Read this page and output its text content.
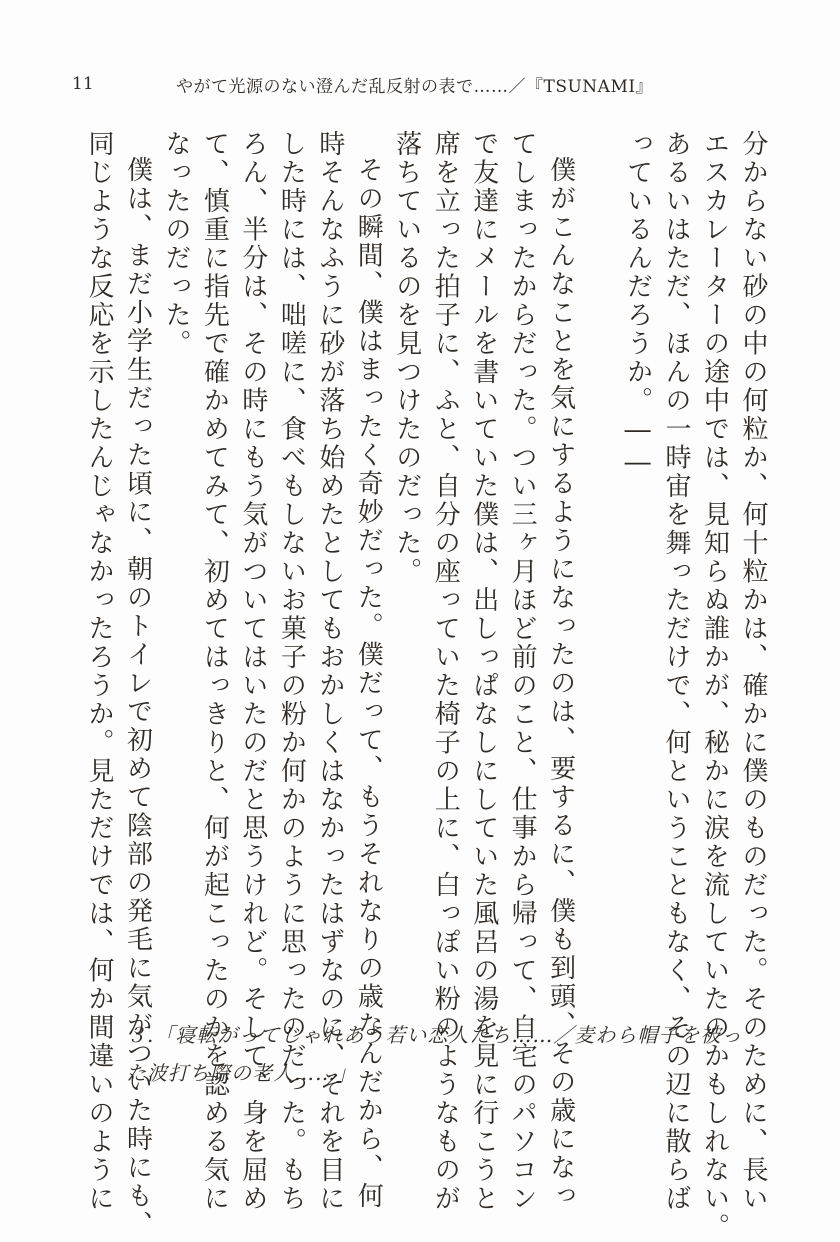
11	やがて光源のない澄んだ乱反射の表で……／『TSUNAMI』
分からない砂の中の何粒か、何十粒かは、確かに僕のものだった。そのために、長い
エスカレーターの途中では、見知らぬ誰かが、秘かに涙を流していたのかもしれない。
あるいはただ、ほんの一時宙を舞っただけで、何ということもなく、その辺に散らば
っているんだろうか。――
僕がこんなことを気にするようになったのは、要するに、僕も到頭、その歳になっ
てしまったからだった。つい三ヶ月ほど前のこと、仕事から帰って、自宅のパソコン
で友達にメールを書いていた僕は、出しっぱなしにしていた風呂の湯を見に行こうと
席を立った拍子に、ふと、自分の座っていた椅子の上に、白っぽい粉のようなものが
落ちているのを見つけたのだった。
その瞬間、僕はまったく奇妙だった。僕だって、もうそれなりの歳なんだから、何
時そんなふうに砂が落ち始めたとしてもおかしくはなかったはずなのに、それを目に
した時には、咄嗟に、食べもしないお菓子の粉か何かのように思ったのだった。もち
ろん、半分は、その時にもう気がついてはいたのだと思うけれど。そして、身を屈め
て、慎重に指先で確かめてみて、初めてはっきりと、何が起こったのかを認める気に
なったのだった。
僕は、まだ小学生だった頃に、朝のトイレで初めて陰部の発毛に気がついた時にも、
同じような反応を示したんじゃなかったろうか。見ただけでは、何か間違いのように ３.「寝転がってじゃれあう若い恋人たち……／麦わら帽子を被っ
た波打ち際の老人……」
